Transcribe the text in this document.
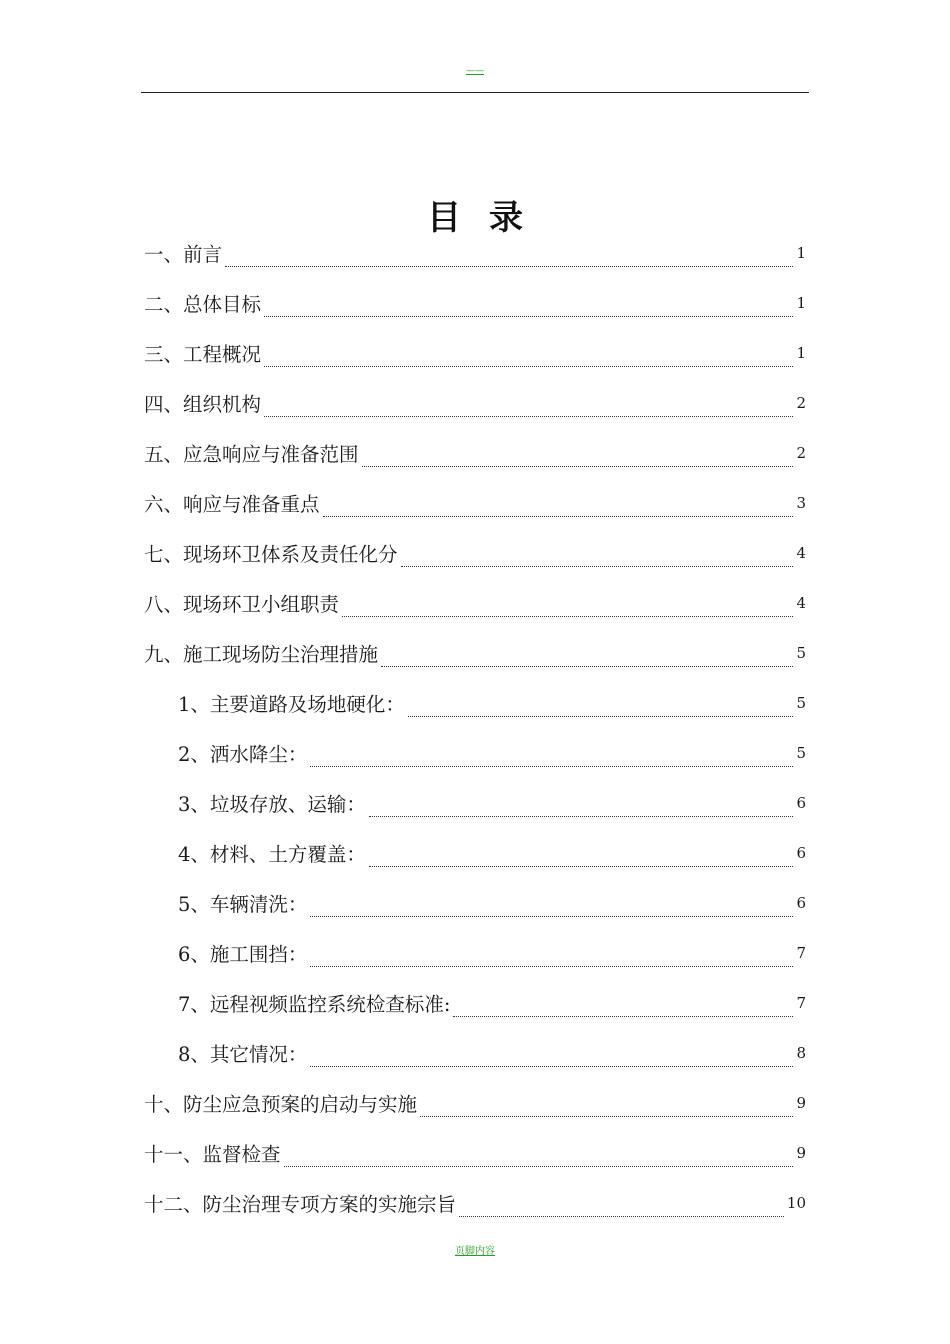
——
目录
一、前言	1
二、总体目标	1
三、工程概况	1
四、组织机构	2
五、应急响应与准备范围	2
六、响应与准备重点	3
七、现场环卫体系及责任化分	4
八、现场环卫小组职责	4
九、施工现场防尘治理措施	5
1、主要道路及场地硬化：	5
2、洒水降尘：	5
3、垃圾存放、运输：	6
4、材料、土方覆盖：	6
5、车辆清洗：	6
6、施工围挡：	7
7、远程视频监控系统检查标准:	7
8、其它情况：	8
十、防尘应急预案的启动与实施	9
十一、监督检查	9
十二、防尘治理专项方案的实施宗旨	10
页脚内容
